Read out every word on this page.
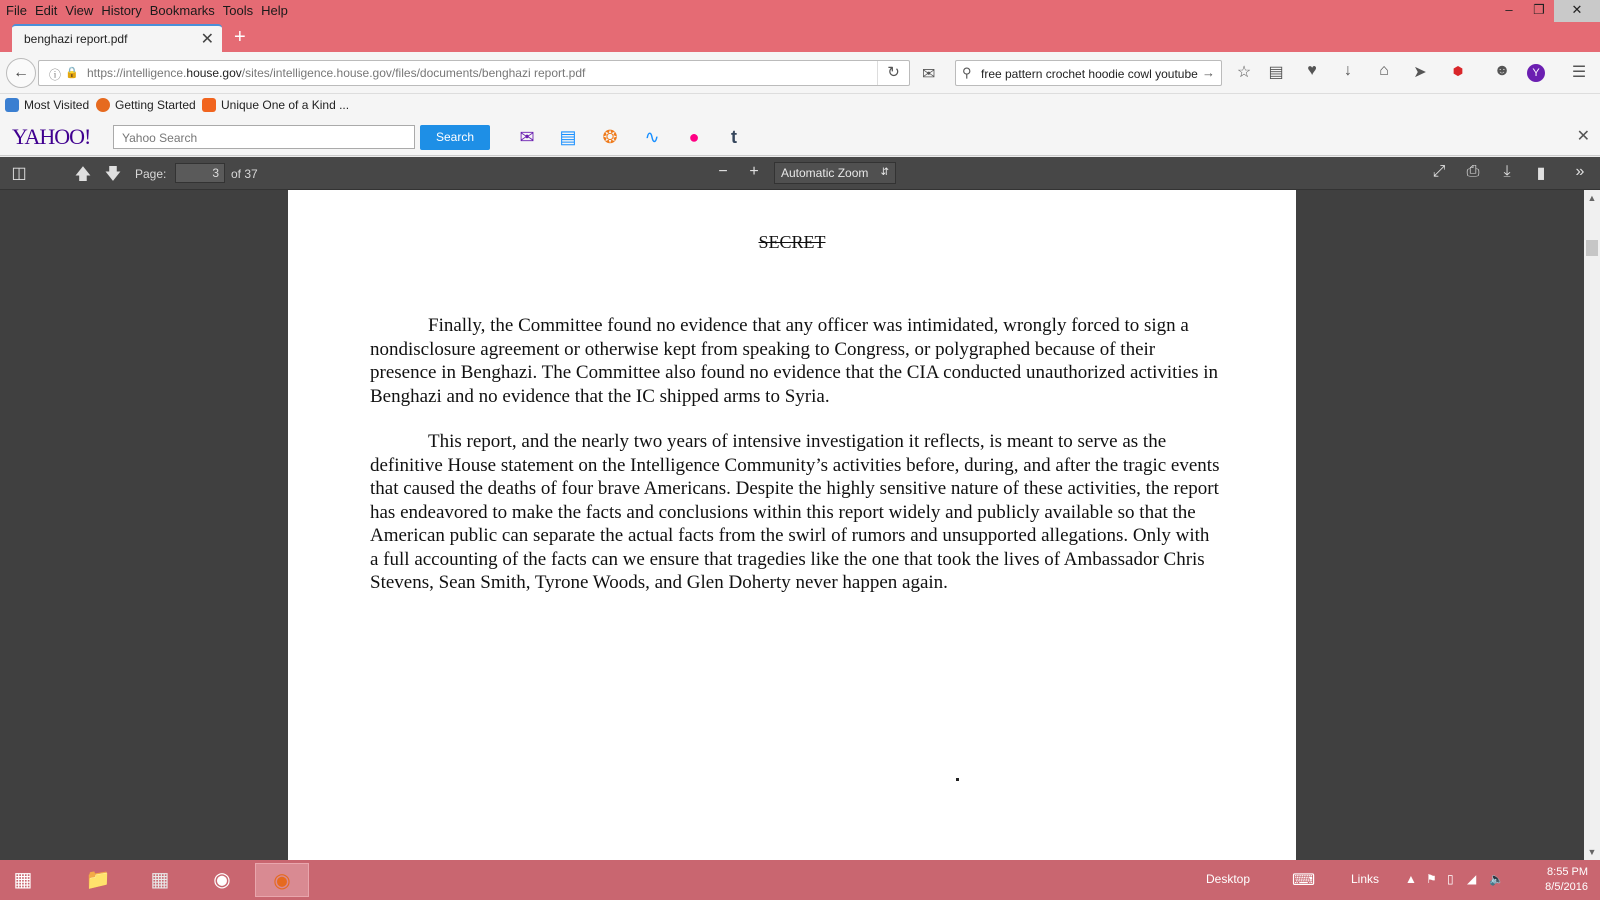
File Edit View History Bookmarks Tools Help	–	❐	✕
benghazi report.pdf	✕ +
←	ⓘ 🔒 https://intelligence.house.gov/sites/intelligence.house.gov/files/documents/benghazi report.pdf	↻	✉ ⚲ free pattern crochet hoodie cowl youtube → ☆ ▤	♥	↓	⌂	➤	⬢	☻	Y	☰
Most Visited Getting Started Unique One of a Kind ...
YAHOO!	Yahoo Search	Search	✉ ▤ ❂ ∿	●	t	✕
◫	🡅 🡇	Page:	3	of 37	−	+	Automatic Zoom ⇵	⤢	⎙	⤓	▮	»
SECRET

Finally, the Committee found no evidence that any officer was intimidated, wrongly forced to sign a nondisclosure agreement or otherwise kept from speaking to Congress, or polygraphed because of their presence in Benghazi. The Committee also found no evidence that the CIA conducted unauthorized activities in Benghazi and no evidence that the IC shipped arms to Syria.

This report, and the nearly two years of intensive investigation it reflects, is meant to serve as the definitive House statement on the Intelligence Community’s activities before, during, and after the tragic events that caused the deaths of four brave Americans. Despite the highly sensitive nature of these activities, the report has endeavored to make the facts and conclusions within this report widely and publicly available so that the American public can separate the actual facts from the swirl of rumors and unsupported allegations. Only with a full accounting of the facts can we ensure that tragedies like the one that took the lives of Ambassador Chris Stevens, Sean Smith, Tyrone Woods, and Glen Doherty never happen again.

▲
▼
▦	📁	▦	◉	◉	Desktop	⌨	Links ▲ ⚑ ▯ ◢ 🔈	8:55 PM
8/5/2016
